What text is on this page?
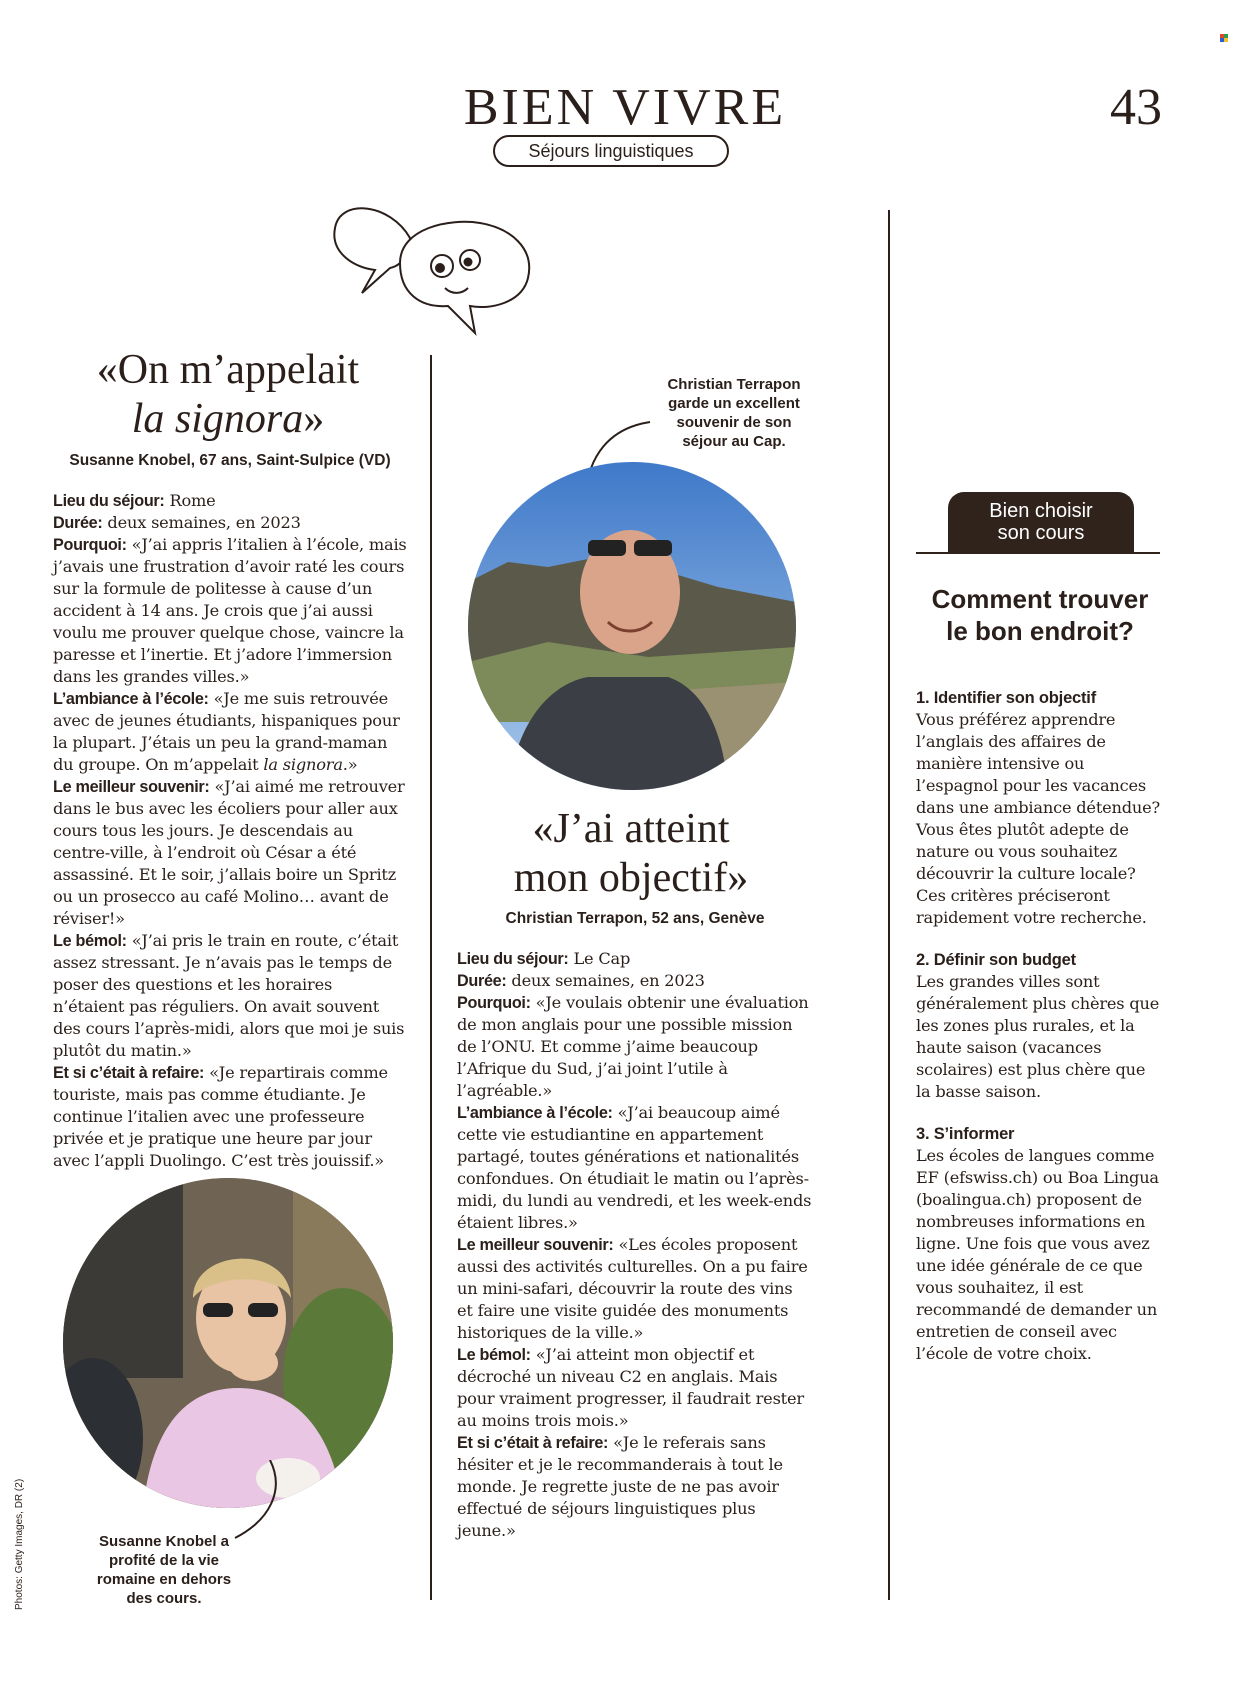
BIEN VIVRE	43
Séjours linguistiques
«On m’appelait
la signora»
Susanne Knobel, 67 ans, Saint-Sulpice (VD)

Lieu du séjour: Rome

Durée: deux semaines, en 2023

Pourquoi: «J’ai appris l’italien à l’école, mais j’avais une frustration d’avoir raté les cours sur la formule de politesse à cause d’un accident à 14 ans. Je crois que j’ai aussi voulu me prouver quelque chose, vaincre la paresse et l’inertie. Et j’adore l’immersion dans les grandes villes.»

L’ambiance à l’école: «Je me suis retrouvée avec de jeunes étudiants, hispaniques pour la plupart. J’étais un peu la grand-maman du groupe. On m’appelait la signora.»

Le meilleur souvenir: «J’ai aimé me retrouver dans le bus avec les écoliers pour aller aux cours tous les jours. Je descendais au centre-ville, à l’endroit où César a été assassiné. Et le soir, j’allais boire un Spritz ou un prosecco au café Molino… avant de réviser!»

Le bémol: «J’ai pris le train en route, c’était assez stressant. Je n’avais pas le temps de poser des questions et les horaires n’étaient pas réguliers. On avait souvent des cours l’après-midi, alors que moi je suis plutôt du matin.»

Et si c’était à refaire: «Je repartirais comme touriste, mais pas comme étudiante. Je continue l’italien avec une professeure privée et je pratique une heure par jour avec l’appli Duolingo. C’est très jouissif.»

Susanne Knobel a profité de la vie romaine en dehors des cours.
Christian Terrapon garde un excellent souvenir de son séjour au Cap.
«J’ai atteint
mon objectif»
Christian Terrapon, 52 ans, Genève

Lieu du séjour: Le Cap

Durée: deux semaines, en 2023

Pourquoi: «Je voulais obtenir une évaluation de mon anglais pour une possible mission de l’ONU. Et comme j’aime beaucoup l’Afrique du Sud, j’ai joint l’utile à l’agréable.»

L’ambiance à l’école: «J’ai beaucoup aimé cette vie estudiantine en appartement partagé, toutes générations et nationalités confondues. On étudiait le matin ou l’après-midi, du lundi au vendredi, et les week-ends étaient libres.»

Le meilleur souvenir: «Les écoles proposent aussi des activités culturelles. On a pu faire un mini-safari, découvrir la route des vins et faire une visite guidée des monuments historiques de la ville.»

Le bémol: «J’ai atteint mon objectif et décroché un niveau C2 en anglais. Mais pour vraiment progresser, il faudrait rester au moins trois mois.»

Et si c’était à refaire: «Je le referais sans hésiter et je le recommanderais à tout le monde. Je regrette juste de ne pas avoir effectué de séjours linguistiques plus jeune.»

Bien choisir
son cours
Comment trouver
le bon endroit?
1. Identifier son objectif

Vous préférez apprendre l’anglais des affaires de manière intensive ou l’espagnol pour les vacances dans une ambiance détendue? Vous êtes plutôt adepte de nature ou vous souhaitez découvrir la culture locale? Ces critères préciseront rapidement votre recherche.

2. Définir son budget

Les grandes villes sont généralement plus chères que les zones plus rurales, et la haute saison (vacances scolaires) est plus chère que la basse saison.

3. S’informer

Les écoles de langues comme EF (efswiss.ch) ou Boa Lingua (boalingua.ch) proposent de nombreuses informations en ligne. Une fois que vous avez une idée générale de ce que vous souhaitez, il est recommandé de demander un entretien de conseil avec l’école de votre choix.

Photos: Getty Images, DR (2)
